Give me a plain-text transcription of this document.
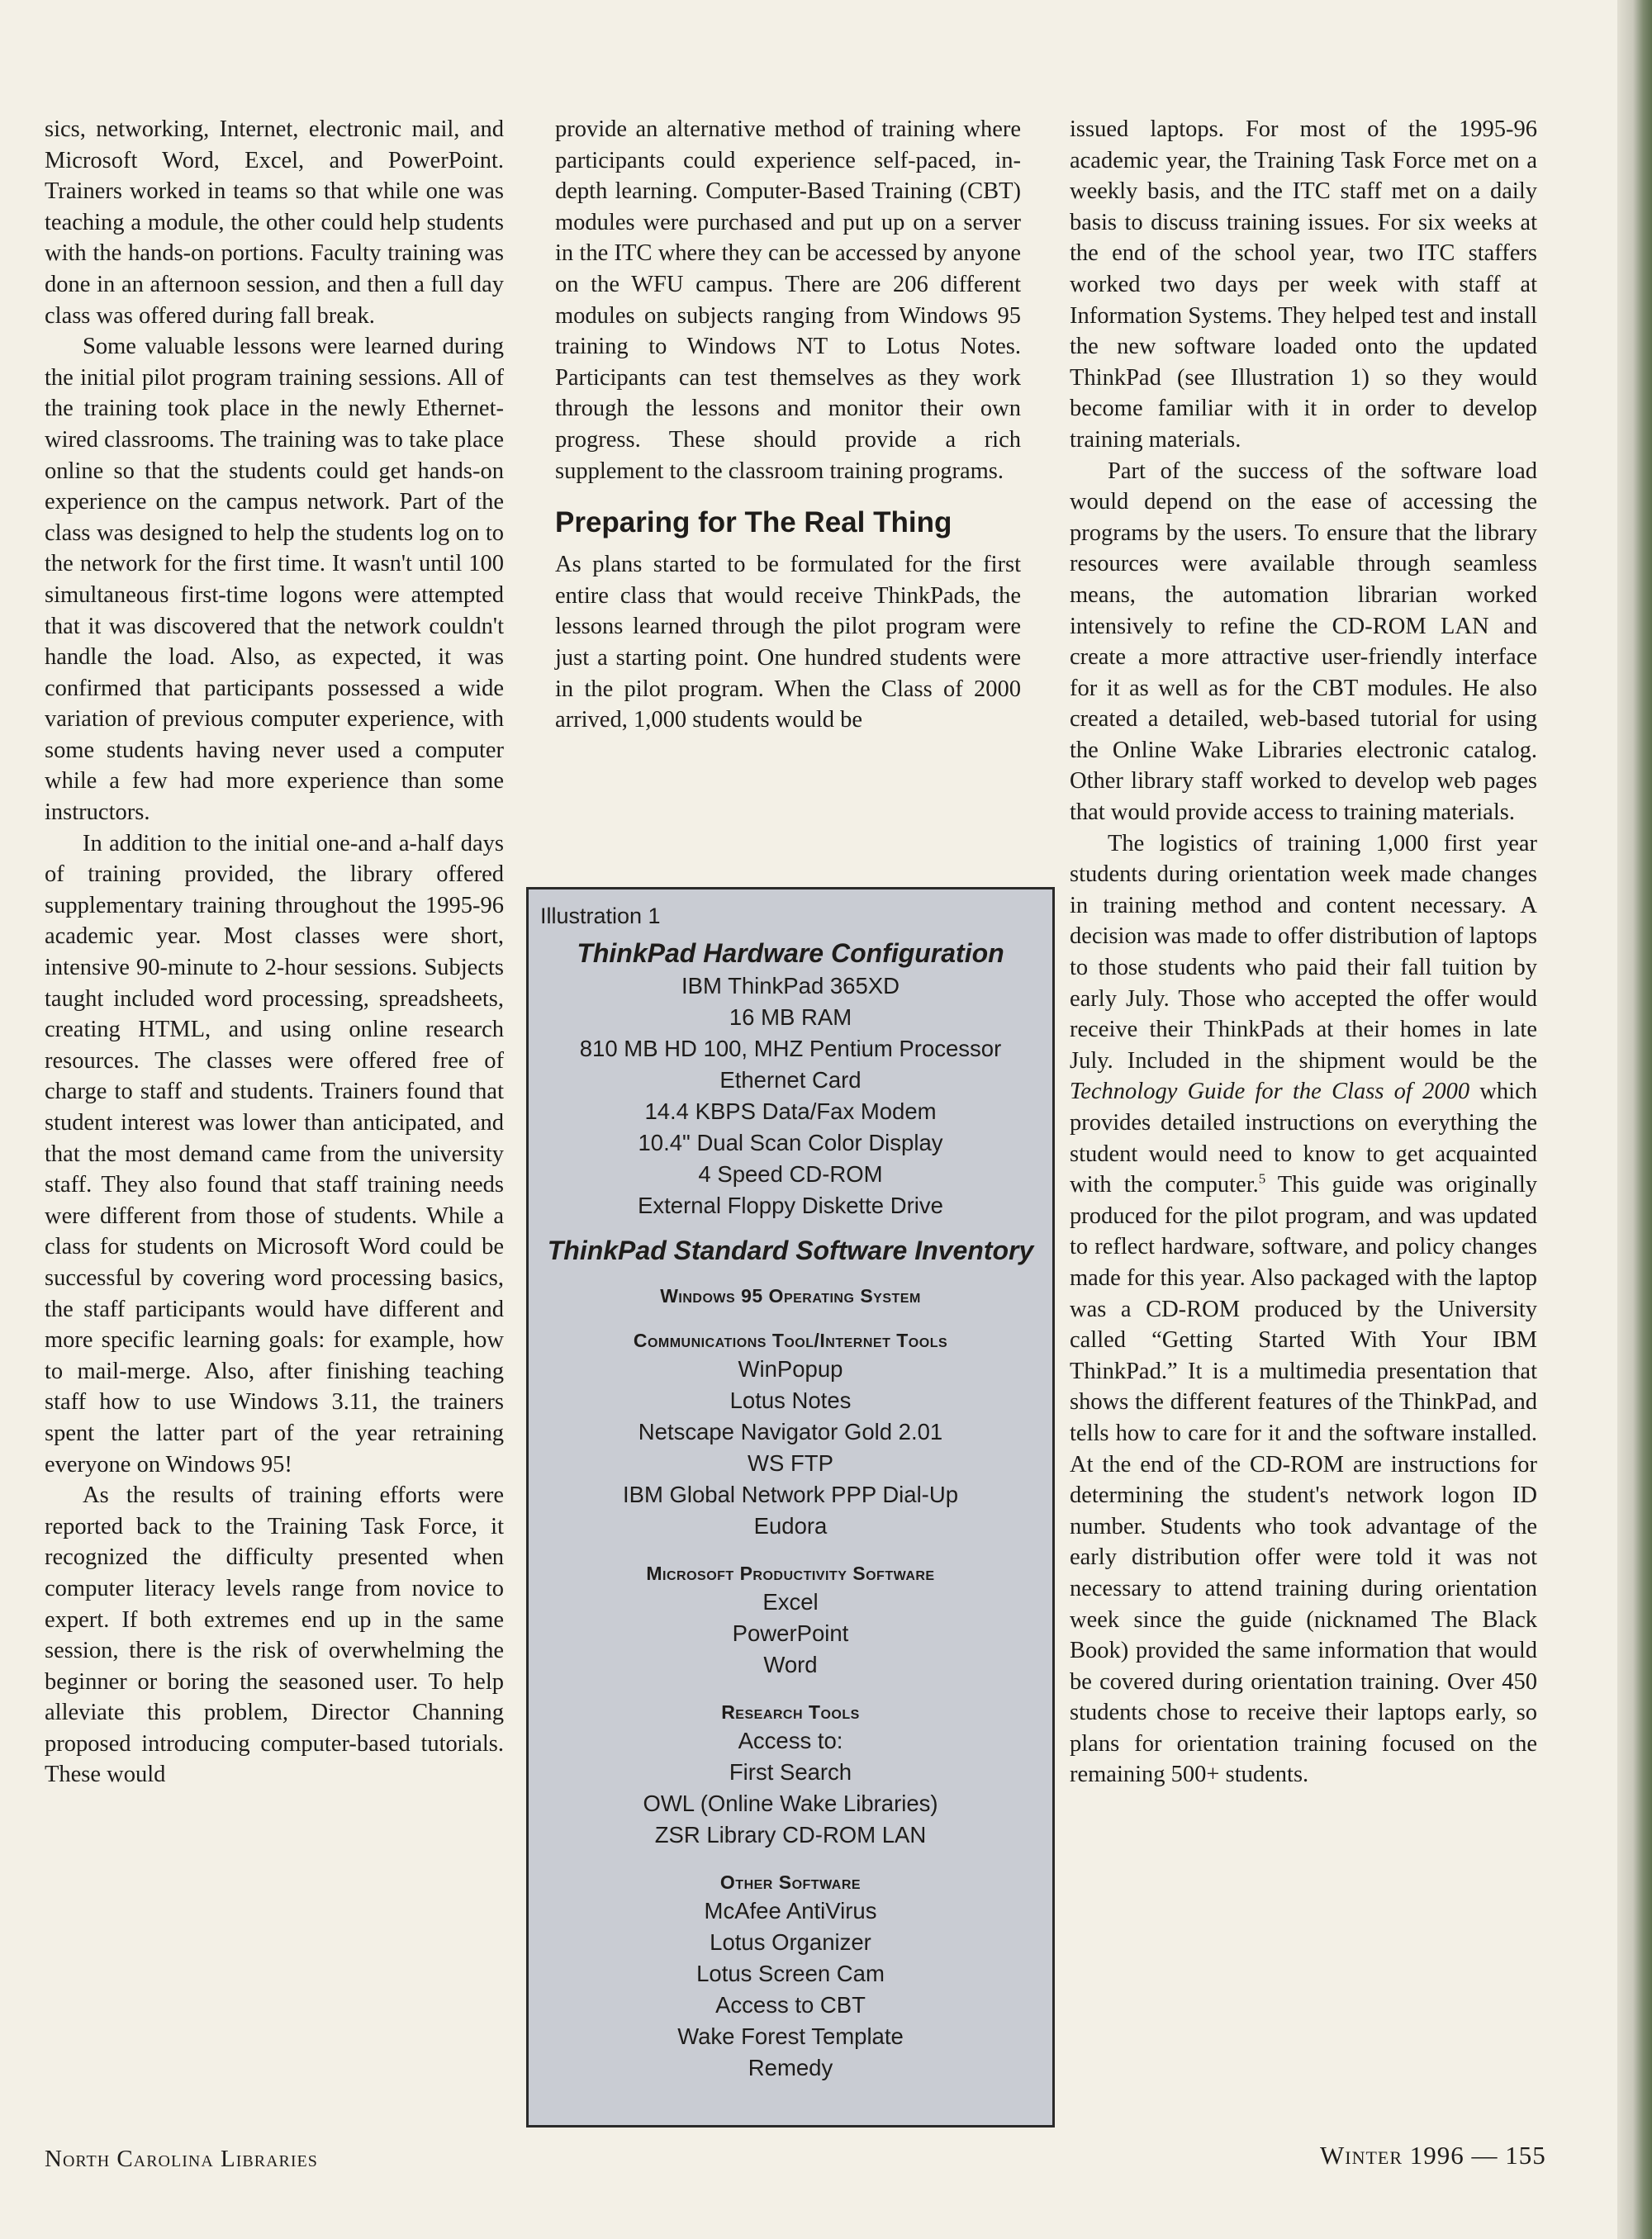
sics, networking, Internet, electronic mail, and Microsoft Word, Excel, and PowerPoint. Trainers worked in teams so that while one was teaching a module, the other could help students with the hands-on portions. Faculty training was done in an afternoon session, and then a full day class was offered during fall break.

Some valuable lessons were learned during the initial pilot program training sessions. All of the training took place in the newly Ethernet-wired classrooms. The training was to take place online so that the students could get hands-on experience on the campus network. Part of the class was designed to help the students log on to the network for the first time. It wasn't until 100 simultaneous first-time logons were attempted that it was discovered that the network couldn't handle the load. Also, as expected, it was confirmed that participants possessed a wide variation of previous computer experience, with some students having never used a computer while a few had more experience than some instructors.

In addition to the initial one-and a-half days of training provided, the library offered supplementary training throughout the 1995-96 academic year. Most classes were short, intensive 90-minute to 2-hour sessions. Subjects taught included word processing, spreadsheets, creating HTML, and using online research resources. The classes were offered free of charge to staff and students. Trainers found that student interest was lower than anticipated, and that the most demand came from the university staff. They also found that staff training needs were different from those of students. While a class for students on Microsoft Word could be successful by covering word processing basics, the staff participants would have different and more specific learning goals: for example, how to mail-merge. Also, after finishing teaching staff how to use Windows 3.11, the trainers spent the latter part of the year retraining everyone on Windows 95!

As the results of training efforts were reported back to the Training Task Force, it recognized the difficulty presented when computer literacy levels range from novice to expert. If both extremes end up in the same session, there is the risk of overwhelming the beginner or boring the seasoned user. To help alleviate this problem, Director Channing proposed introducing computer-based tutorials. These would

provide an alternative method of training where participants could experience self-paced, in-depth learning. Computer-Based Training (CBT) modules were purchased and put up on a server in the ITC where they can be accessed by anyone on the WFU campus. There are 206 different modules on subjects ranging from Windows 95 training to Windows NT to Lotus Notes. Participants can test themselves as they work through the lessons and monitor their own progress. These should provide a rich supplement to the classroom training programs.

Preparing for The Real Thing

As plans started to be formulated for the first entire class that would receive ThinkPads, the lessons learned through the pilot program were just a starting point. One hundred students were in the pilot program. When the Class of 2000 arrived, 1,000 students would be

issued laptops. For most of the 1995-96 academic year, the Training Task Force met on a weekly basis, and the ITC staff met on a daily basis to discuss training issues. For six weeks at the end of the school year, two ITC staffers worked two days per week with staff at Information Systems. They helped test and install the new software loaded onto the updated ThinkPad (see Illustration 1) so they would become familiar with it in order to develop training materials.

Part of the success of the software load would depend on the ease of accessing the programs by the users. To ensure that the library resources were available through seamless means, the automation librarian worked intensively to refine the CD-ROM LAN and create a more attractive user-friendly interface for it as well as for the CBT modules. He also created a detailed, web-based tutorial for using the Online Wake Libraries electronic catalog. Other library staff worked to develop web pages that would provide access to training materials.

The logistics of training 1,000 first year students during orientation week made changes in training method and content necessary. A decision was made to offer distribution of laptops to those students who paid their fall tuition by early July. Those who accepted the offer would receive their ThinkPads at their homes in late July. Included in the shipment would be the Technology Guide for the Class of 2000 which provides detailed instructions on everything the student would need to know to get acquainted with the computer.$^5$ This guide was originally produced for the pilot program, and was updated to reflect hardware, software, and policy changes made for this year. Also packaged with the laptop was a CD-ROM produced by the University called “Getting Started With Your IBM ThinkPad.” It is a multimedia presentation that shows the different features of the ThinkPad, and tells how to care for it and the software installed. At the end of the CD-ROM are instructions for determining the student's network logon ID number. Students who took advantage of the early distribution offer were told it was not necessary to attend training during orientation week since the guide (nicknamed The Black Book) provided the same information that would be covered during orientation training. Over 450 students chose to receive their laptops early, so plans for orientation training focused on the remaining 500+ students.

Illustration 1
ThinkPad Hardware Configuration
IBM ThinkPad 365XD
16 MB RAM
810 MB HD 100, MHZ Pentium Processor
Ethernet Card
14.4 KBPS Data/Fax Modem
10.4" Dual Scan Color Display
4 Speed CD-ROM
External Floppy Diskette Drive
ThinkPad Standard Software Inventory
Windows 95 Operating System
Communications Tool/Internet Tools
WinPopup
Lotus Notes
Netscape Navigator Gold 2.01
WS FTP
IBM Global Network PPP Dial-Up
Eudora
Microsoft Productivity Software
Excel
PowerPoint
Word
Research Tools
Access to:
First Search
OWL (Online Wake Libraries)
ZSR Library CD-ROM LAN
Other Software
McAfee AntiVirus
Lotus Organizer
Lotus Screen Cam
Access to CBT
Wake Forest Template
Remedy
North Carolina Libraries	Winter 1996 — 155
